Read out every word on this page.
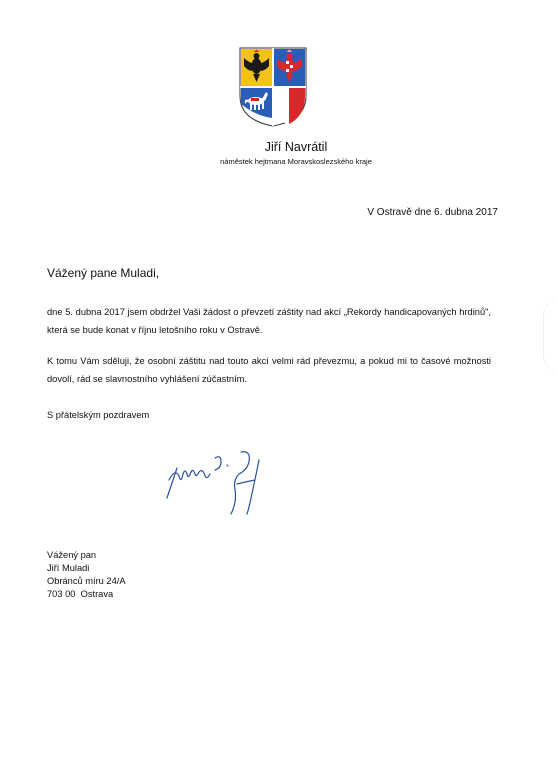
Jiří Navrátil
náměstek hejtmana Moravskoslezského kraje
V Ostravě dne 6. dubna 2017
Vážený pane Muladi,
dne 5. dubna 2017 jsem obdržel Vaši žádost o převzetí záštity nad akcí „Rekordy handicapovaných hrdinů", která se bude konat v říjnu letošního roku v Ostravě.
K tomu Vám sděluji, že osobní záštitu nad touto akcí velmi rád převezmu, a pokud mi to časové možnosti dovolí, rád se slavnostního vyhlášení zúčastním.
S přátelským pozdravem
Vážený pan
Jiří Muladi
Obránců míru 24/A
703 00  Ostrava
